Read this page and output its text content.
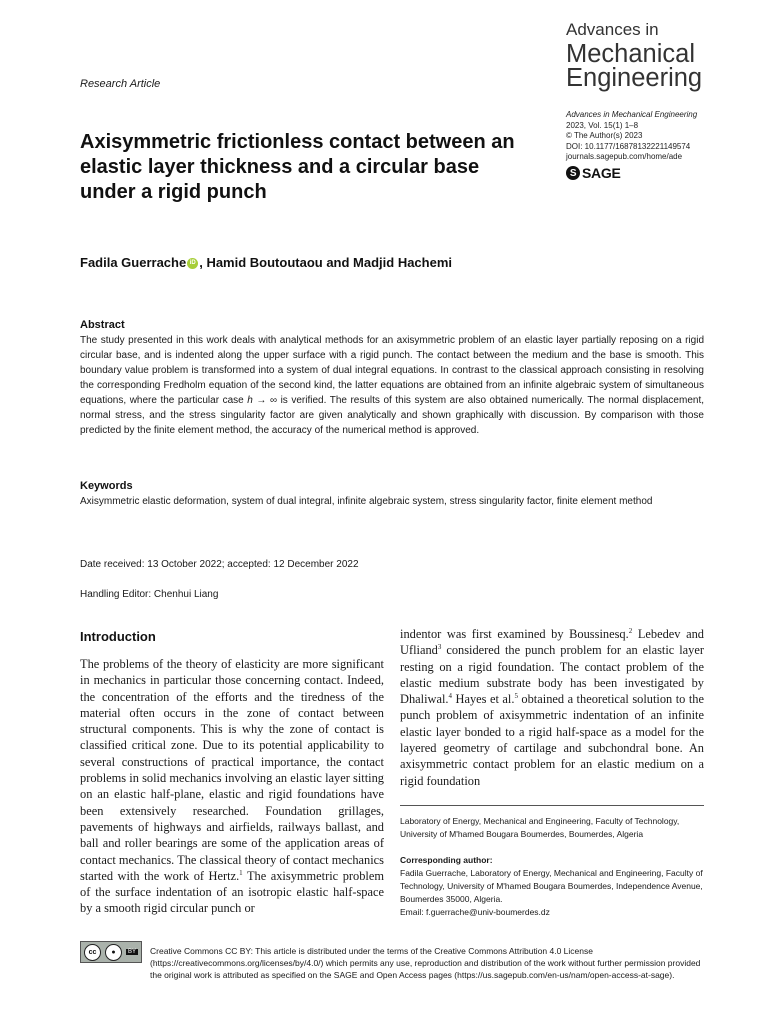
Advances in
Mechanical
Engineering
Research Article
Advances in Mechanical Engineering
2023, Vol. 15(1) 1–8
© The Author(s) 2023
DOI: 10.1177/16878132221149574
journals.sagepub.com/home/ade
S SAGE
Axisymmetric frictionless contact between an elastic layer thickness and a circular base under a rigid punch
Fadila Guerrache iD , Hamid Boutoutaou and Madjid Hachemi
Abstract
The study presented in this work deals with analytical methods for an axisymmetric problem of an elastic layer partially reposing on a rigid circular base, and is indented along the upper surface with a rigid punch. The contact between the medium and the base is smooth. This boundary value problem is transformed into a system of dual integral equations. In contrast to the classical approach consisting in resolving the corresponding Fredholm equation of the second kind, the latter equations are obtained from an infinite algebraic system of simultaneous equations, where the particular case h → ∞ is verified. The results of this system are also obtained numerically. The normal displacement, normal stress, and the stress singularity factor are given analytically and shown graphically with discussion. By comparison with those predicted by the finite element method, the accuracy of the numerical method is approved.
Keywords
Axisymmetric elastic deformation, system of dual integral, infinite algebraic system, stress singularity factor, finite element method
Date received: 13 October 2022; accepted: 12 December 2022
Handling Editor: Chenhui Liang
Introduction
The problems of the theory of elasticity are more significant in mechanics in particular those concerning contact. Indeed, the concentration of the efforts and the tiredness of the material often occurs in the zone of contact between structural components. This is why the zone of contact is classified critical zone. Due to its potential applicability to several constructions of practical importance, the contact problems in solid mechanics involving an elastic layer sitting on an elastic half-plane, elastic and rigid foundations have been extensively researched. Foundation grillages, pavements of highways and airfields, railways ballast, and ball and roller bearings are some of the application areas of contact mechanics. The classical theory of contact mechanics started with the work of Hertz.$^1$ The axisymmetric problem of the surface indentation of an isotropic elastic half-space by a smooth rigid circular punch or
indentor was first examined by Boussinesq.$^2$ Lebedev and Ufliand$^3$ considered the punch problem for an elastic layer resting on a rigid foundation. The contact problem of the elastic medium substrate body has been investigated by Dhaliwal.$^4$ Hayes et al.$^5$ obtained a theoretical solution to the punch problem of axisymmetric indentation of an infinite elastic layer bonded to a rigid half-space as a model for the layered geometry of cartilage and subchondral bone. An axisymmetric contact problem for an elastic medium on a rigid foundation
Laboratory of Energy, Mechanical and Engineering, Faculty of Technology, University of M'hamed Bougara Boumerdes, Boumerdes, Algeria
Corresponding author:
Fadila Guerrache, Laboratory of Energy, Mechanical and Engineering, Faculty of Technology, University of M'hamed Bougara Boumerdes, Independence Avenue, Boumerdes 35000, Algeria.
Email: f.guerrache@univ-boumerdes.dz
cc	●	BY	Creative Commons CC BY: This article is distributed under the terms of the Creative Commons Attribution 4.0 License (https://creativecommons.org/licenses/by/4.0/) which permits any use, reproduction and distribution of the work without further permission provided the original work is attributed as specified on the SAGE and Open Access pages (https://us.sagepub.com/en-us/nam/open-access-at-sage).
